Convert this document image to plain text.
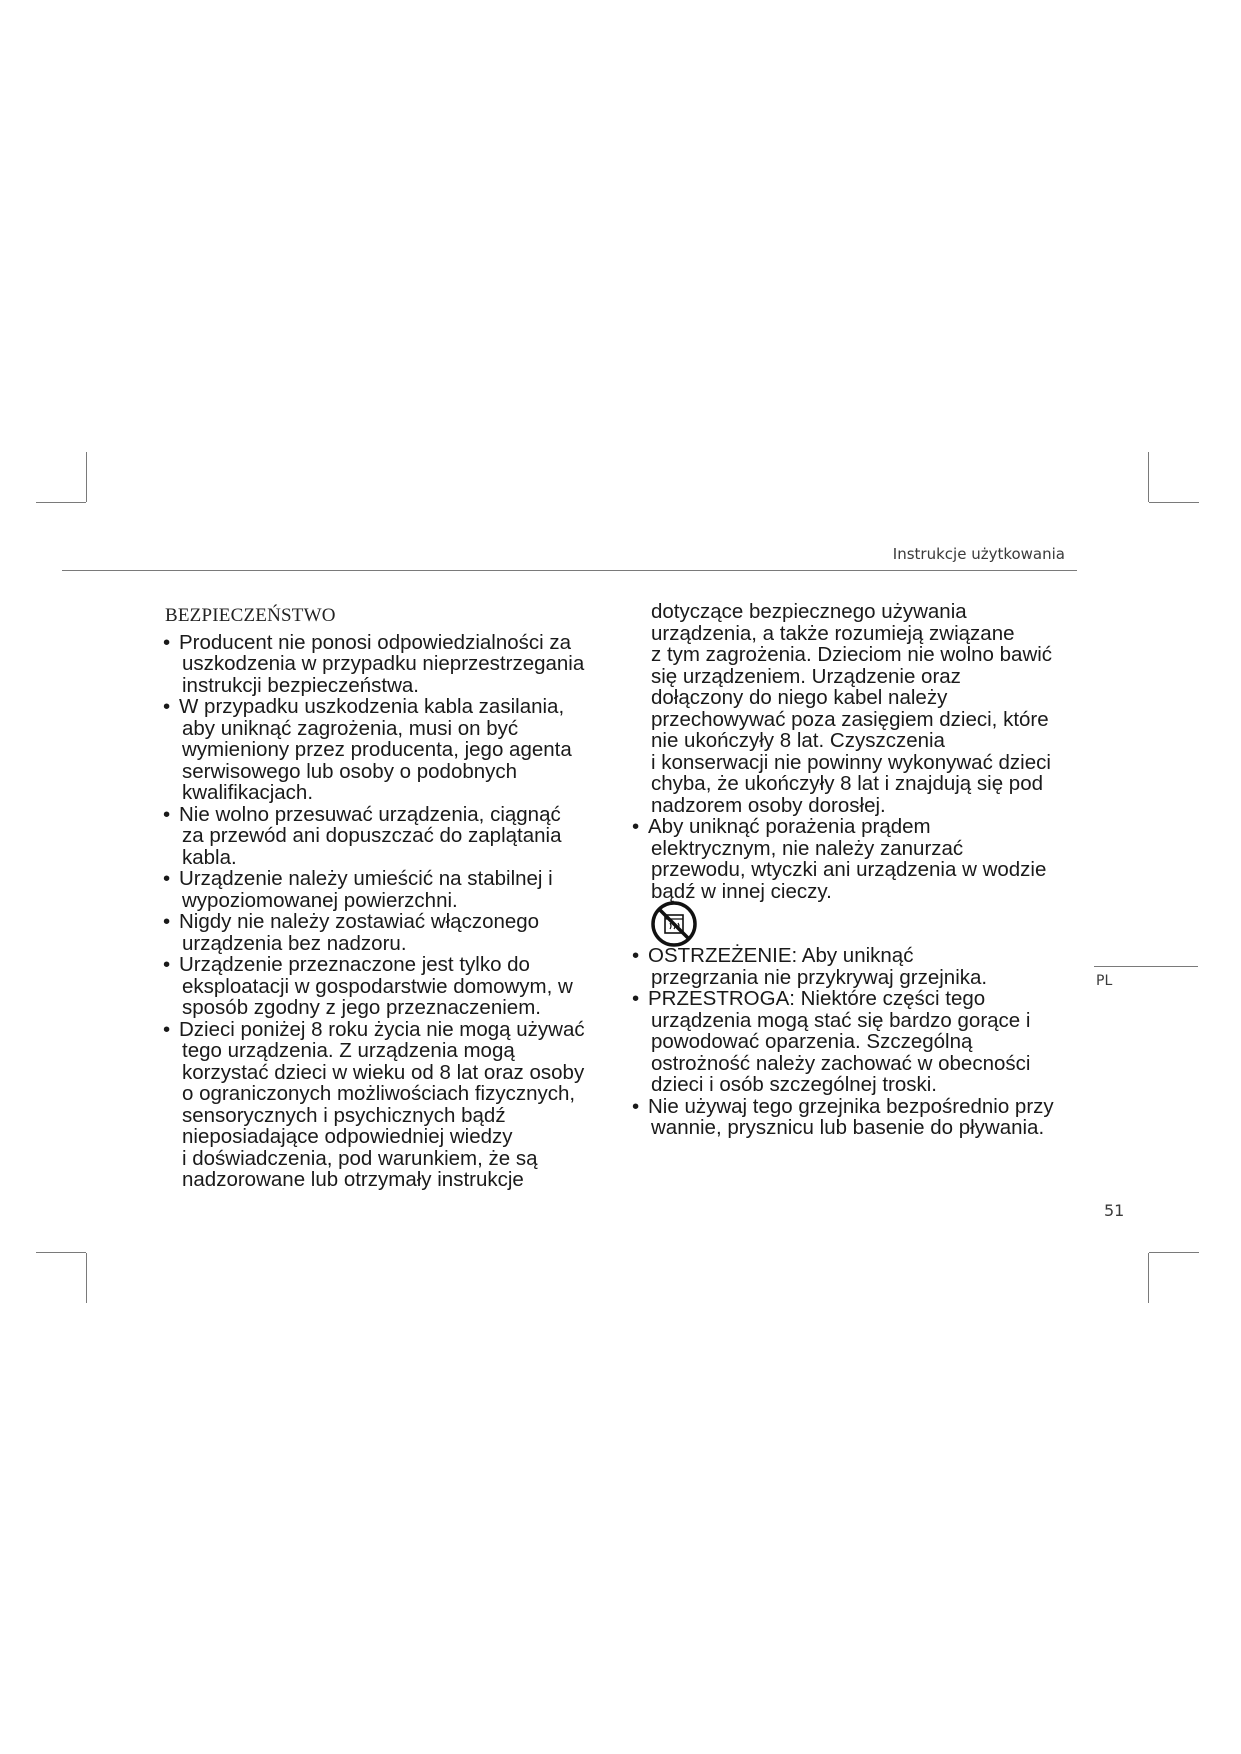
Instrukcje użytkowania
BEZPIECZEŃSTWO
• Producent nie ponosi odpowiedzialności za
uszkodzenia w przypadku nieprzestrzegania
instrukcji bezpieczeństwa.
• W przypadku uszkodzenia kabla zasilania,
aby uniknąć zagrożenia, musi on być
wymieniony przez producenta, jego agenta
serwisowego lub osoby o podobnych
kwalifikacjach.
• Nie wolno przesuwać urządzenia, ciągnąć
za przewód ani dopuszczać do zaplątania
kabla.
• Urządzenie należy umieścić na stabilnej i
wypoziomowanej powierzchni.
• Nigdy nie należy zostawiać włączonego
urządzenia bez nadzoru.
• Urządzenie przeznaczone jest tylko do
eksploatacji w gospodarstwie domowym, w
sposób zgodny z jego przeznaczeniem.
• Dzieci poniżej 8 roku życia nie mogą używać
tego urządzenia. Z urządzenia mogą
korzystać dzieci w wieku od 8 lat oraz osoby
o ograniczonych możliwościach fizycznych,
sensorycznych i psychicznych bądź
nieposiadające odpowiedniej wiedzy
i doświadczenia, pod warunkiem, że są
nadzorowane lub otrzymały instrukcje
dotyczące bezpiecznego używania
urządzenia, a także rozumieją związane
z tym zagrożenia. Dzieciom nie wolno bawić
się urządzeniem. Urządzenie oraz
dołączony do niego kabel należy
przechowywać poza zasięgiem dzieci, które
nie ukończyły 8 lat. Czyszczenia
i konserwacji nie powinny wykonywać dzieci
chyba, że ukończyły 8 lat i znajdują się pod
nadzorem osoby dorosłej.
• Aby uniknąć porażenia prądem
elektrycznym, nie należy zanurzać
przewodu, wtyczki ani urządzenia w wodzie
bądź w innej cieczy.
• OSTRZEŻENIE: Aby uniknąć
przegrzania nie przykrywaj grzejnika.
• PRZESTROGA: Niektóre części tego
urządzenia mogą stać się bardzo gorące i
powodować oparzenia. Szczególną
ostrożność należy zachować w obecności
dzieci i osób szczególnej troski.
• Nie używaj tego grzejnika bezpośrednio przy
wannie, prysznicu lub basenie do pływania.
PL
51
